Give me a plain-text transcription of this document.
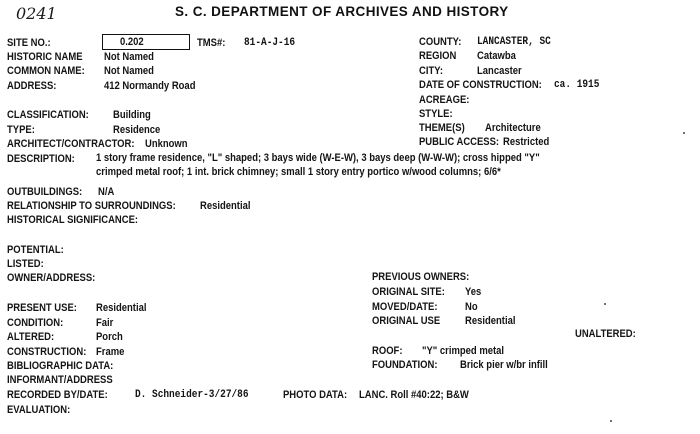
0241	S. C. DEPARTMENT OF ARCHIVES AND HISTORY
SITE NO.:	0.202	TMS#: 81-A-J-16
HISTORIC NAME Not Named
COMMON NAME: Not Named
ADDRESS:	412 Normandy Road
COUNTY: LANCASTER, SC
REGION Catawba
CITY:	Lancaster
DATE OF CONSTRUCTION: ca. 1915
ACREAGE:
STYLE:
CLASSIFICATION: Building
TYPE:	Residence	THEME(S) Architecture
ARCHITECT/CONTRACTOR: Unknown	PUBLIC ACCESS: Restricted
DESCRIPTION: 1 story frame residence, "L" shaped; 3 bays wide (W-E-W), 3 bays deep (W-W-W); cross hipped "Y"
crimped metal roof; 1 int. brick chimney; small 1 story entry portico w/wood columns; 6/6*
OUTBUILDINGS: N/A
RELATIONSHIP TO SURROUNDINGS: Residential
HISTORICAL SIGNIFICANCE:
POTENTIAL:
LISTED:
OWNER/ADDRESS:	PREVIOUS OWNERS:
ORIGINAL SITE: Yes
MOVED/DATE: No
ORIGINAL USE Residential
UNALTERED:
PRESENT USE: Residential
CONDITION:	Fair
ALTERED:	Porch
CONSTRUCTION: Frame	ROOF: "Y" crimped metal
BIBLIOGRAPHIC DATA:	FOUNDATION: Brick pier w/br infill
INFORMANT/ADDRESS
RECORDED BY/DATE: D. Schneider-3/27/86	PHOTO DATA: LANC. Roll #40:22; B&W
EVALUATION:
